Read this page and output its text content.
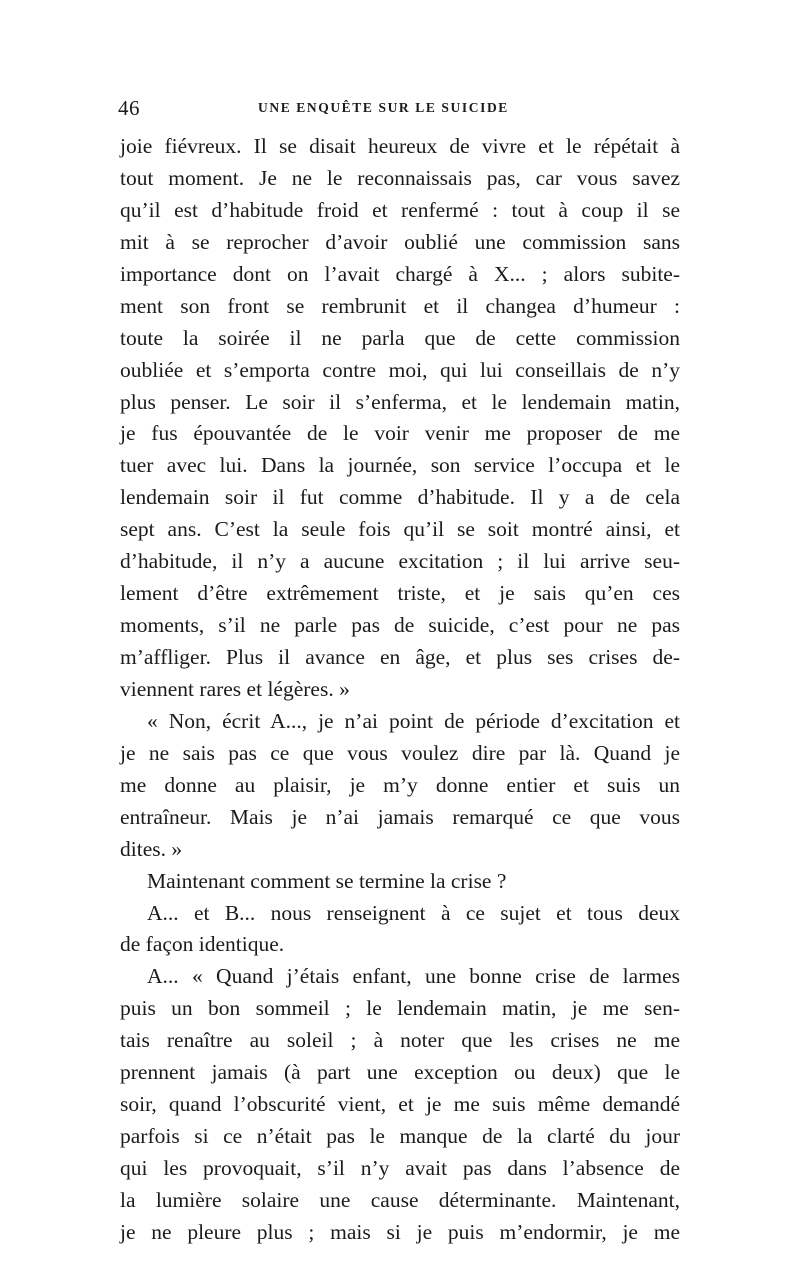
46	UNE ENQUÊTE SUR LE SUICIDE
joie fiévreux. Il se disait heureux de vivre et le répétait à
tout moment. Je ne le reconnaissais pas, car vous savez
qu’il est d’habitude froid et renfermé : tout à coup il se
mit à se reprocher d’avoir oublié une commission sans
importance dont on l’avait chargé à X... ; alors subite-
ment son front se rembrunit et il changea d’humeur :
toute la soirée il ne parla que de cette commission
oubliée et s’emporta contre moi, qui lui conseillais de n’y
plus penser. Le soir il s’enferma, et le lendemain matin,
je fus épouvantée de le voir venir me proposer de me
tuer avec lui. Dans la journée, son service l’occupa et le
lendemain soir il fut comme d’habitude. Il y a de cela
sept ans. C’est la seule fois qu’il se soit montré ainsi, et
d’habitude, il n’y a aucune excitation ; il lui arrive seu-
lement d’être extrêmement triste, et je sais qu’en ces
moments, s’il ne parle pas de suicide, c’est pour ne pas
m’affliger. Plus il avance en âge, et plus ses crises de-
viennent rares et légères. »
« Non, écrit A..., je n’ai point de période d’excitation et
je ne sais pas ce que vous voulez dire par là. Quand je
me donne au plaisir, je m’y donne entier et suis un
entraîneur. Mais je n’ai jamais remarqué ce que vous
dites. »
Maintenant comment se termine la crise ?
A... et B... nous renseignent à ce sujet et tous deux
de façon identique.
A... « Quand j’étais enfant, une bonne crise de larmes
puis un bon sommeil ; le lendemain matin, je me sen-
tais renaître au soleil ; à noter que les crises ne me
prennent jamais (à part une exception ou deux) que le
soir, quand l’obscurité vient, et je me suis même demandé
parfois si ce n’était pas le manque de la clarté du jour
qui les provoquait, s’il n’y avait pas dans l’absence de
la lumière solaire une cause déterminante. Maintenant,
je ne pleure plus ; mais si je puis m’endormir, je me
